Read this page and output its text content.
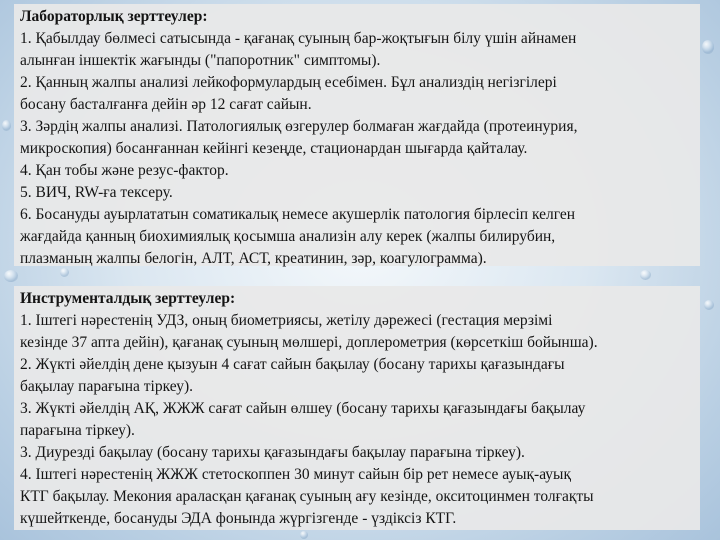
Лабораторлық зерттеулер:

1. Қабылдау бөлмесі сатысында - қағанақ суының бар-жоқтығын білу үшін айнамен

алынған іншектік жағынды ("папоротник" симптомы).

2. Қанның жалпы анализі лейкоформулардың есебімен. Бұл анализдің негізгілері

босану басталғанға дейін әр 12 сағат сайын.

3. Зәрдің жалпы анализі. Патологиялық өзгерулер болмаған жағдайда (протеинурия,

микроскопия) босанғаннан кейінгі кезеңде, стационардан шығарда қайталау.

4. Қан тобы және резус-фактор.

5. ВИЧ, RW-ға тексеру.

6. Босануды ауырлататын соматикалық немесе акушерлік патология бірлесіп келген

жағдайда қанның биохимиялық қосымша анализін алу керек (жалпы билирубин,

плазманың жалпы белогін, АЛТ, АСТ, креатинин, зәр, коагулограмма).

Инструменталдық зерттеулер:

1. Іштегі нәрестенің УДЗ, оның биометриясы, жетілу дәрежесі (гестация мерзімі

кезінде 37 апта дейін), қағанақ суының мөлшері, доплерометрия (көрсеткіш бойынша).

2. Жүкті әйелдің дене қызуын 4 сағат сайын бақылау (босану тарихы қағазындағы

бақылау парағына тіркеу).

3. Жүкті әйелдің АҚ, ЖЖЖ сағат сайын өлшеу (босану тарихы қағазындағы бақылау

парағына тіркеу).

3. Диурезді бақылау (босану тарихы қағазындағы бақылау парағына тіркеу).

4. Іштегі нәрестенің ЖЖЖ стетоскоппен 30 минут сайын бір рет немесе ауық-ауық

КТГ бақылау. Мекония араласқан қағанақ суының ағу кезінде, окситоцинмен толғақты

күшейткенде, босануды ЭДА фонында жүргізгенде - үздіксіз КТГ.
